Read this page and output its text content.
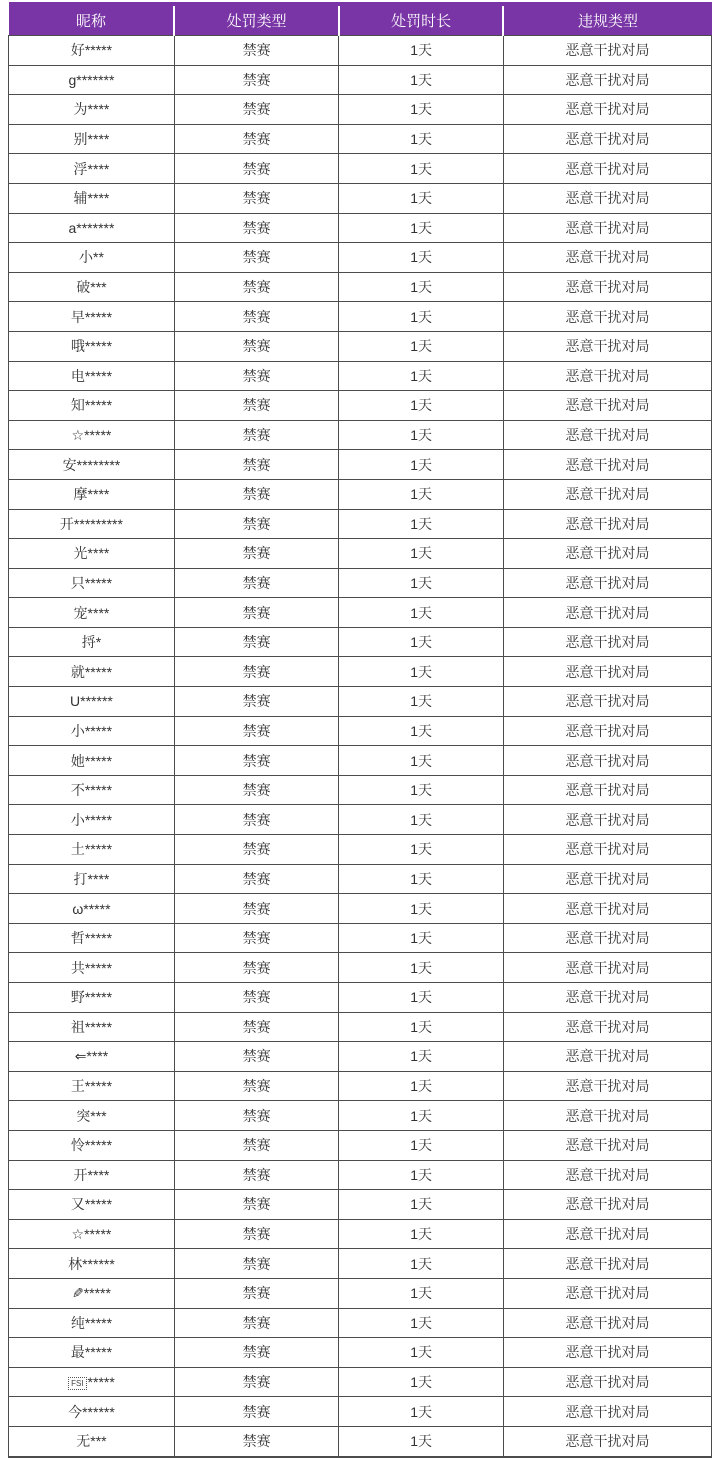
昵称	处罚类型	处罚时长	违规类型
好*****	禁赛	1天	恶意干扰对局
g*******	禁赛	1天	恶意干扰对局
为****	禁赛	1天	恶意干扰对局
别****	禁赛	1天	恶意干扰对局
浮****	禁赛	1天	恶意干扰对局
辅****	禁赛	1天	恶意干扰对局
a*******	禁赛	1天	恶意干扰对局
小**	禁赛	1天	恶意干扰对局
破***	禁赛	1天	恶意干扰对局
早*****	禁赛	1天	恶意干扰对局
哦*****	禁赛	1天	恶意干扰对局
电*****	禁赛	1天	恶意干扰对局
知*****	禁赛	1天	恶意干扰对局
☆*****	禁赛	1天	恶意干扰对局
安********	禁赛	1天	恶意干扰对局
摩****	禁赛	1天	恶意干扰对局
开*********	禁赛	1天	恶意干扰对局
光****	禁赛	1天	恶意干扰对局
只*****	禁赛	1天	恶意干扰对局
宠****	禁赛	1天	恶意干扰对局
捋*	禁赛	1天	恶意干扰对局
就*****	禁赛	1天	恶意干扰对局
U******	禁赛	1天	恶意干扰对局
小*****	禁赛	1天	恶意干扰对局
她*****	禁赛	1天	恶意干扰对局
不*****	禁赛	1天	恶意干扰对局
小*****	禁赛	1天	恶意干扰对局
土*****	禁赛	1天	恶意干扰对局
打****	禁赛	1天	恶意干扰对局
ω*****	禁赛	1天	恶意干扰对局
哲*****	禁赛	1天	恶意干扰对局
共*****	禁赛	1天	恶意干扰对局
野*****	禁赛	1天	恶意干扰对局
祖*****	禁赛	1天	恶意干扰对局
⇐****	禁赛	1天	恶意干扰对局
王*****	禁赛	1天	恶意干扰对局
突***	禁赛	1天	恶意干扰对局
怜*****	禁赛	1天	恶意干扰对局
开****	禁赛	1天	恶意干扰对局
又*****	禁赛	1天	恶意干扰对局
☆*****	禁赛	1天	恶意干扰对局
林******	禁赛	1天	恶意干扰对局
✎*****	禁赛	1天	恶意干扰对局
纯*****	禁赛	1天	恶意干扰对局
最*****	禁赛	1天	恶意干扰对局
FSI *****	禁赛	1天	恶意干扰对局
今******	禁赛	1天	恶意干扰对局
无***	禁赛	1天	恶意干扰对局
